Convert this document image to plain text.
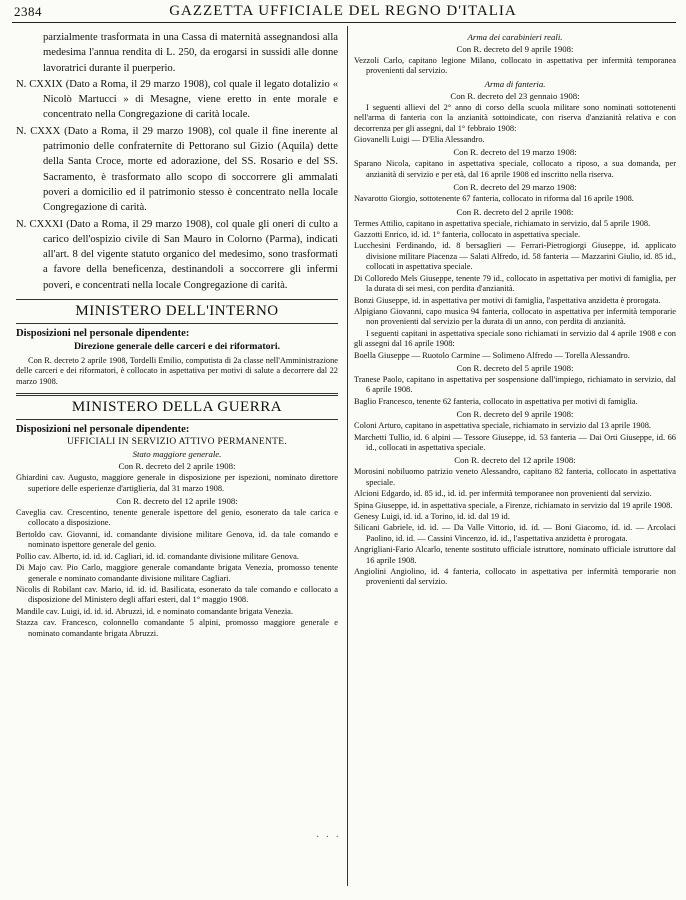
2384	GAZZETTA UFFICIALE DEL REGNO D'ITALIA

parzialmente trasformata in una Cassa di maternità assegnandosi alla medesima l'annua rendita di L. 250, da erogarsi in sussidi alle donne lavoratrici durante il puerperio.

N. CXXIX (Dato a Roma, il 29 marzo 1908), col quale il legato dotalizio « Nicolò Martucci » di Mesagne, viene eretto in ente morale e concentrato nella Congregazione di carità locale.

N. CXXX (Dato a Roma, il 29 marzo 1908), col quale il fine inerente al patrimonio delle confraternite di Pettorano sul Gizio (Aquila) dette della Santa Croce, morte ed adorazione, del SS. Rosario e del SS. Sacramento, è trasformato allo scopo di soccorrere gli ammalati poveri a domicilio ed il patrimonio stesso è concentrato nella locale Congregazione di carità.

N. CXXXI (Dato a Roma, il 29 marzo 1908), col quale gli oneri di culto a carico dell'ospizio civile di San Mauro in Colorno (Parma), indicati all'art. 8 del vigente statuto organico del medesimo, sono trasformati a favore della beneficenza, destinandoli a soccorrere gli infermi poveri, e concentrati nella locale Congregazione di carità.

MINISTERO DELL'INTERNO
Disposizioni nel personale dipendente:
Direzione generale delle carceri e dei riformatori.

Con R. decreto 2 aprile 1908, Tordelli Emilio, computista di 2a classe nell'Amministrazione delle carceri e dei riformatori, è collocato in aspettativa per motivi di salute a decorrere dal 22 marzo 1908.

MINISTERO DELLA GUERRA
Disposizioni nel personale dipendente:
UFFICIALI IN SERVIZIO ATTIVO PERMANENTE.
Stato maggiore generale.
Con R. decreto del 2 aprile 1908:

Ghiardini cav. Augusto, maggiore generale in disposizione per ispezioni, nominato direttore superiore delle esperienze d'artiglieria, dal 31 marzo 1908.

Con R. decreto del 12 aprile 1908:

Caveglia cav. Crescentino, tenente generale ispettore del genio, esonerato da tale carica e collocato a disposizione.

Bertoldo cav. Giovanni, id. comandante divisione militare Genova, id. da tale comando e nominato ispettore generale del genio.

Pollio cav. Alberto, id. id. id. Cagliari, id. id. comandante divisione militare Genova.

Di Majo cav. Pio Carlo, maggiore generale comandante brigata Venezia, promosso tenente generale e nominato comandante divisione militare Cagliari.

Nicolis di Robilant cav. Mario, id. id. id. Basilicata, esonerato da tale comando e collocato a disposizione del Ministero degli affari esteri, dal 1° maggio 1908.

Mandile cav. Luigi, id. id. id. Abruzzi, id. e nominato comandante brigata Venezia.

Stazza cav. Francesco, colonnello comandante 5 alpini, promosso maggiore generale e nominato comandante brigata Abruzzi.

Arma dei carabinieri reali.
Con R. decreto del 9 aprile 1908:

Vezzoli Carlo, capitano legione Milano, collocato in aspettativa per infermità temporanea provenienti dal servizio.

Arma di fanteria.
Con R. decreto del 23 gennaio 1908:

I seguenti allievi del 2° anno di corso della scuola militare sono nominati sottotenenti nell'arma di fanteria con la anzianità sottoindicate, con riserva d'anzianità relativa e con decorrenza per gli assegni, dal 1° febbraio 1908:

Giovanelli Luigi — D'Elia Alessandro.

Con R. decreto del 19 marzo 1908:

Sparano Nicola, capitano in aspettativa speciale, collocato a riposo, a sua domanda, per anzianità di servizio e per età, dal 16 aprile 1908 ed inscritto nella riserva.

Con R. decreto del 29 marzo 1908:

Navarotto Giorgio, sottotenente 67 fanteria, collocato in riforma dal 16 aprile 1908.

Con R. decreto del 2 aprile 1908:

Termes Attilio, capitano in aspettativa speciale, richiamato in servizio, dal 5 aprile 1908.

Gazzotti Enrico, id. id. 1° fanteria, collocato in aspettativa speciale.

Lucchesini Ferdinando, id. 8 bersaglieri — Ferrari-Pietrogiorgi Giuseppe, id. applicato divisione militare Piacenza — Salati Alfredo, id. 58 fanteria — Mazzarini Giulio, id. 85 id., collocati in aspettativa speciale.

Di Colloredo Mels Giuseppe, tenente 79 id., collocato in aspettativa per motivi di famiglia, per la durata di sei mesi, con perdita d'anzianità.

Bonzi Giuseppe, id. in aspettativa per motivi di famiglia, l'aspettativa anzidetta è prorogata.

Alpigiano Giovanni, capo musica 94 fanteria, collocato in aspettativa per infermità temporarie non provenienti dal servizio per la durata di un anno, con perdita di anzianità.

I seguenti capitani in aspettativa speciale sono richiamati in servizio dal 4 aprile 1908 e con gli assegni dal 16 aprile 1908:

Boella Giuseppe — Ruotolo Carmine — Solimeno Alfredo — Torella Alessandro.

Con R. decreto del 5 aprile 1908:

Tranese Paolo, capitano in aspettativa per sospensione dall'impiego, richiamato in servizio, dal 6 aprile 1908.

Baglio Francesco, tenente 62 fanteria, collocato in aspettativa per motivi di famiglia.

Con R. decreto del 9 aprile 1908:

Coloni Arturo, capitano in aspettativa speciale, richiamato in servizio dal 13 aprile 1908.

Marchetti Tullio, id. 6 alpini — Tessore Giuseppe, id. 53 fanteria — Dai Orti Giuseppe, id. 66 id., collocati in aspettativa speciale.

Con R. decreto del 12 aprile 1908:

Morosini nobiluomo patrizio veneto Alessandro, capitano 82 fanteria, collocato in aspettativa speciale.

Alcioni Edgardo, id. 85 id., id. id. per infermità temporanee non provenienti dal servizio.

Spina Giuseppe, id. in aspettativa speciale, a Firenze, richiamato in servizio dal 19 aprile 1908.

Genesy Luigi, id. id. a Torino, id. id. dal 19 id.

Silicani Gabriele, id. id. — Da Valle Vittorio, id. id. — Boni Giacomo, id. id. — Arcolaci Paolino, id. id. — Cassini Vincenzo, id. id., l'aspettativa anzidetta è prorogata.

Angrigliani-Fario Alcarlo, tenente sostituto ufficiale istruttore, nominato ufficiale istruttore dal 16 aprile 1908.

Angiolini Angiolino, id. 4 fanteria, collocato in aspettativa per infermità temporarie non provenienti dal servizio.

· · ·
